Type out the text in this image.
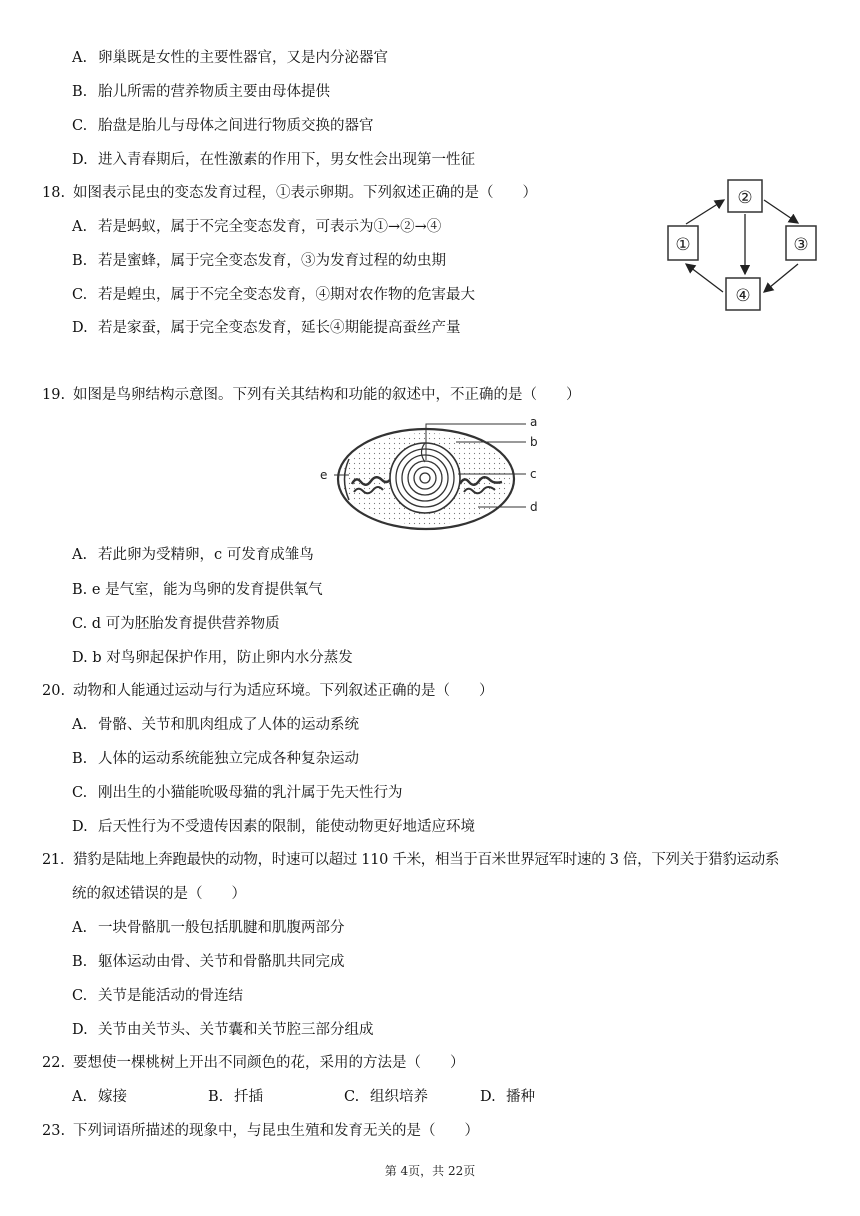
A. 卵巢既是女性的主要性器官，又是内分泌器官
B. 胎儿所需的营养物质主要由母体提供
C. 胎盘是胎儿与母体之间进行物质交换的器官
D. 进入青春期后，在性激素的作用下，男女性会出现第一性征
18. 如图表示昆虫的变态发育过程，①表示卵期。下列叙述正确的是（　　）
A. 若是蚂蚁，属于不完全变态发育，可表示为①→②→④
B. 若是蜜蜂，属于完全变态发育，③为发育过程的幼虫期
C. 若是蝗虫，属于不完全变态发育，④期对农作物的危害最大
D. 若是家蚕，属于完全变态发育，延长④期能提高蚕丝产量
①
②
③
④
19. 如图是鸟卵结构示意图。下列有关其结构和功能的叙述中，不正确的是（　　）
a
b
c
d
e
A. 若此卵为受精卵，c 可发育成雏鸟
B. e 是气室，能为鸟卵的发育提供氧气
C. d 可为胚胎发育提供营养物质
D. b 对鸟卵起保护作用，防止卵内水分蒸发
20. 动物和人能通过运动与行为适应环境。下列叙述正确的是（　　）
A. 骨骼、关节和肌肉组成了人体的运动系统
B. 人体的运动系统能独立完成各种复杂运动
C. 刚出生的小猫能吮吸母猫的乳汁属于先天性行为
D. 后天性行为不受遗传因素的限制，能使动物更好地适应环境
21. 猎豹是陆地上奔跑最快的动物，时速可以超过 110 千米，相当于百米世界冠军时速的 3 倍，下列关于猎豹运动系
统的叙述错误的是（　　）
A. 一块骨骼肌一般包括肌腱和肌腹两部分
B. 躯体运动由骨、关节和骨骼肌共同完成
C. 关节是能活动的骨连结
D. 关节由关节头、关节囊和关节腔三部分组成
22. 要想使一棵桃树上开出不同颜色的花，采用的方法是（　　）
A. 嫁接	B. 扦插	C. 组织培养	D. 播种
23. 下列词语所描述的现象中，与昆虫生殖和发育无关的是（　　）
第 4页，共 22页
